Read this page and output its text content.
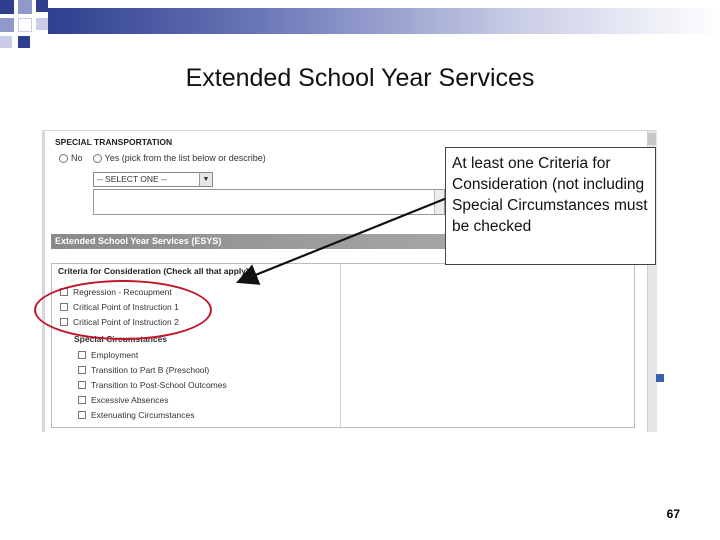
Extended School Year Services
SPECIAL TRANSPORTATION
No	Yes (pick from the list below or describe)
-- SELECT ONE --	▼
Extended School Year Services (ESYS)
Criteria for Consideration (Check all that apply)
Regression - Recoupment
Critical Point of Instruction 1
Critical Point of Instruction 2
Special Circumstances
Employment
Transition to Part B (Preschool)
Transition to Post-School Outcomes
Excessive Absences
Extenuating Circumstances
At least one Criteria for Consideration (not including Special Circumstances must be checked
67
